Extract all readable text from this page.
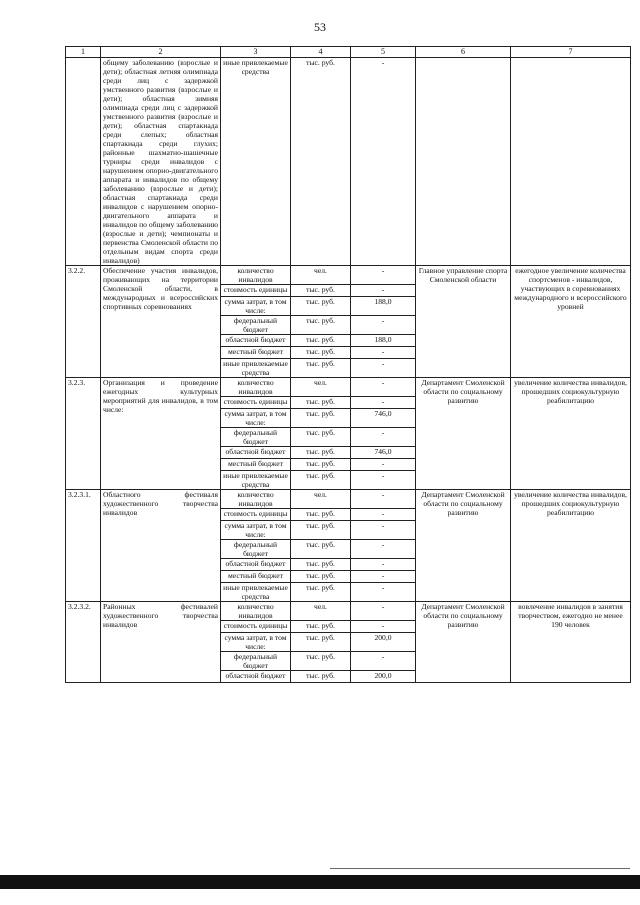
53
1	2	3	4	5	6	7
	общему заболеванию (взрослые и дети); областная летняя олимпиада среди лиц с задержкой умственного развития (взрослые и дети); областная зимняя олимпиада среди лиц с задержкой умственного развития (взрослые и дети); областная спартакиада среди слепых; областная спартакиада среди глухих; районные шахматно-шашечные турниры среди инвалидов с нарушением опорно-двигательного аппарата и инвалидов по общему заболеванию (взрослые и дети); областная спартакиада среди инвалидов с нарушением опорно-двигательного аппарата и инвалидов по общему заболеванию (взрослые и дети); чемпионаты и первенства Смоленской области по отдельным видам спорта среди инвалидов)	иные привлекаемые средства	тыс. руб.	-		
3.2.2.	Обеспечение участия инвалидов, проживающих на территории Смоленской области, в международных и всероссийских спортивных соревнованиях	количество инвалидов	чел.	-	Главное управление спорта Смоленской области	ежегодное увеличение количества спортсменов - инвалидов, участвующих в соревнованиях международного и всероссийского уровней
		стоимость единицы	тыс. руб.	-		
		сумма затрат, в том числе:	тыс. руб.	188,0		
		федеральный бюджет	тыс. руб.	-		
		областной бюджет	тыс. руб.	188,0		
		местный бюджет	тыс. руб.	-		
		иные привлекаемые средства	тыс. руб.	-		
3.2.3.	Организация и проведение ежегодных культурных мероприятий для инвалидов, в том числе:	количество инвалидов	чел.	-	Департамент Смоленской области по социальному развитию	увеличение количества инвалидов, прошедших социокультурную реабилитацию
		стоимость единицы	тыс. руб.	-		
		сумма затрат, в том числе:	тыс. руб.	746,0		
		федеральный бюджет	тыс. руб.	-		
		областной бюджет	тыс. руб.	746,0		
		местный бюджет	тыс. руб.	-		
		иные привлекаемые средства	тыс. руб.	-		
3.2.3.1.	Областного фестиваля художественного творчества инвалидов	количество инвалидов	чел.	-	Департамент Смоленской области по социальному развитию	увеличение количества инвалидов, прошедших социокультурную реабилитацию
		стоимость единицы	тыс. руб.	-		
		сумма затрат, в том числе:	тыс. руб.	-		
		федеральный бюджет	тыс. руб.	-		
		областной бюджет	тыс. руб.	-		
		местный бюджет	тыс. руб.	-		
		иные привлекаемые средства	тыс. руб.	-		
3.2.3.2.	Районных фестивалей художественного творчества инвалидов	количество инвалидов	чел.	-	Департамент Смоленской области по социальному развитию	вовлечение инвалидов в занятия творчеством, ежегодно не менее 190 человек
		стоимость единицы	тыс. руб.	-		
		сумма затрат, в том числе:	тыс. руб.	200,0		
		федеральный бюджет	тыс. руб.	-		
		областной бюджет	тыс. руб.	200,0		
